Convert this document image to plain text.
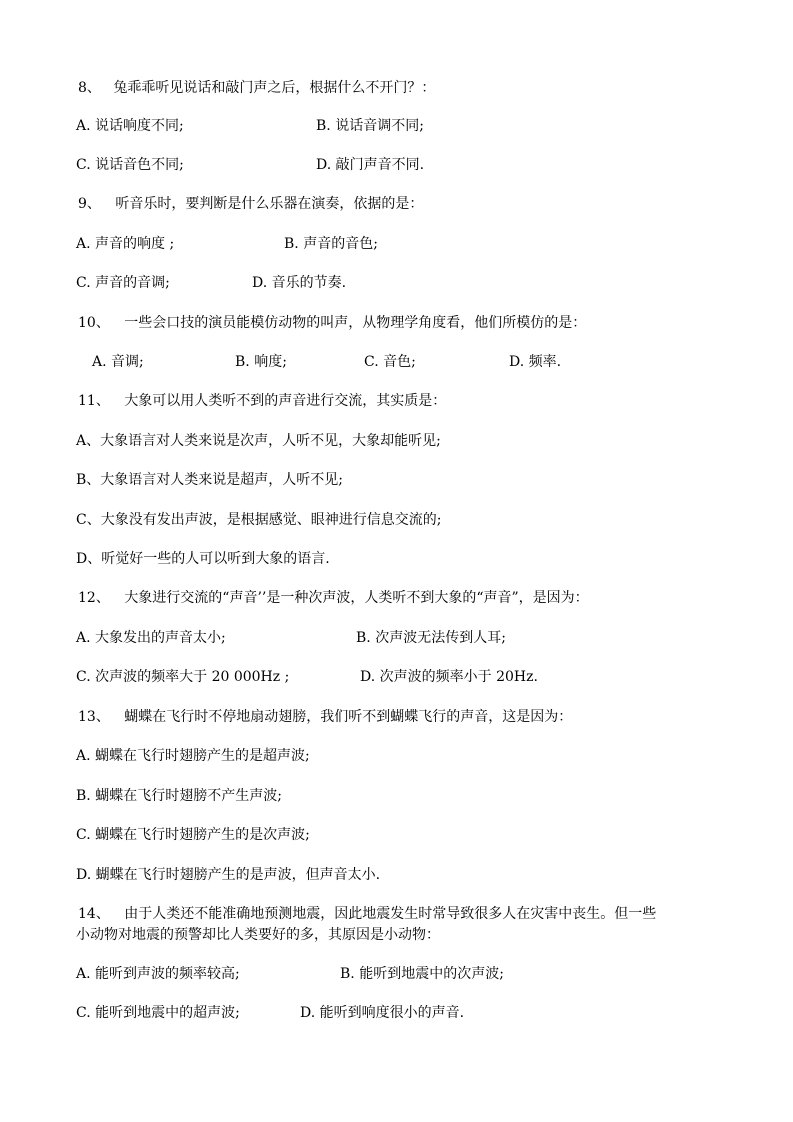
8、 兔乖乖听见说话和敲门声之后，根据什么不开门？：
A. 说话响度不同;	B. 说话音调不同;
C. 说话音色不同;	D. 敲门声音不同.
9、 听音乐时，要判断是什么乐器在演奏，依据的是：
A. 声音的响度 ;	B. 声音的音色;
C. 声音的音调;	D. 音乐的节奏.
10、 一些会口技的演员能模仿动物的叫声，从物理学角度看，他们所模仿的是：
A. 音调;	B. 响度;	C. 音色;	D. 频率.
11、 大象可以用人类听不到的声音进行交流，其实质是：
A、大象语言对人类来说是次声，人听不见，大象却能听见;
B、大象语言对人类来说是超声，人听不见;
C、大象没有发出声波，是根据感觉、眼神进行信息交流的;
D、听觉好一些的人可以听到大象的语言.
12、 大象进行交流的“声音’’是一种次声波，人类听不到大象的“声音”，是因为：
A. 大象发出的声音太小;	B. 次声波无法传到人耳;
C. 次声波的频率大于 20 000Hz ;	D. 次声波的频率小于 20Hz.
13、 蝴蝶在飞行时不停地扇动翅膀，我们听不到蝴蝶飞行的声音，这是因为：
A. 蝴蝶在飞行时翅膀产生的是超声波;
B. 蝴蝶在飞行时翅膀不产生声波;
C. 蝴蝶在飞行时翅膀产生的是次声波;
D. 蝴蝶在飞行时翅膀产生的是声波，但声音太小.
14、 由于人类还不能准确地预测地震，因此地震发生时常导致很多人在灾害中丧生。但一些
小动物对地震的预警却比人类要好的多，其原因是小动物：
A. 能听到声波的频率较高;	B. 能听到地震中的次声波;
C. 能听到地震中的超声波;	D. 能听到响度很小的声音.
